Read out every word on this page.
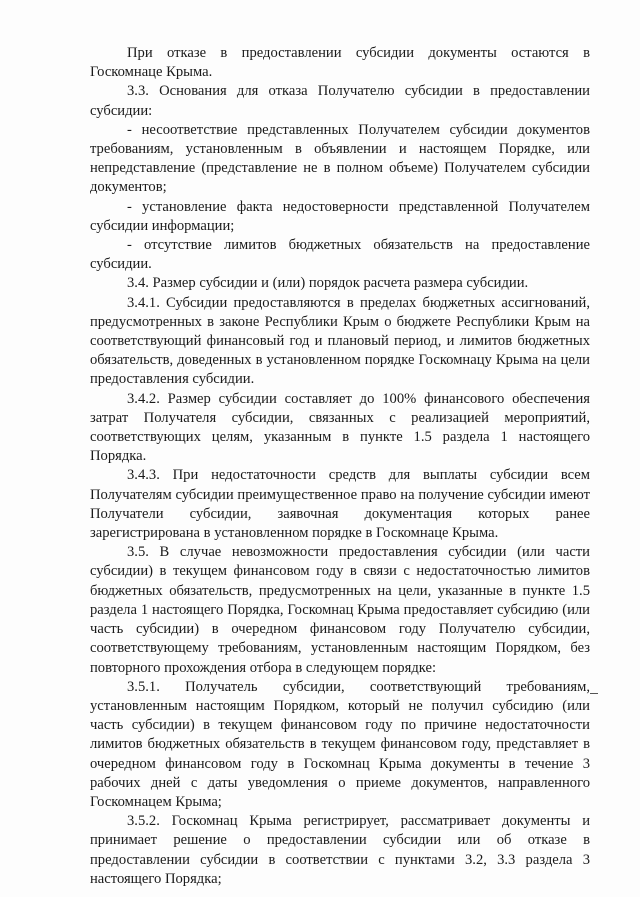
При отказе в предоставлении субсидии документы остаются в Госкомнаце Крыма.

3.3. Основания для отказа Получателю субсидии в предоставлении субсидии:

- несоответствие представленных Получателем субсидии документов требованиям, установленным в объявлении и настоящем Порядке, или непредставление (представление не в полном объеме) Получателем субсидии документов;

- установление факта недостоверности представленной Получателем субсидии информации;

- отсутствие лимитов бюджетных обязательств на предоставление субсидии.

3.4. Размер субсидии и (или) порядок расчета размера субсидии.

3.4.1. Субсидии предоставляются в пределах бюджетных ассигнований, предусмотренных в законе Республики Крым о бюджете Республики Крым на соответствующий финансовый год и плановый период, и лимитов бюджетных обязательств, доведенных в установленном порядке Госкомнацу Крыма на цели предоставления субсидии.

3.4.2. Размер субсидии составляет до 100% финансового обеспечения затрат Получателя субсидии, связанных с реализацией мероприятий, соответствующих целям, указанным в пункте 1.5 раздела 1 настоящего Порядка.

3.4.3. При недостаточности средств для выплаты субсидии всем Получателям субсидии преимущественное право на получение субсидии имеют Получатели субсидии, заявочная документация которых ранее зарегистрирована в установленном порядке в Госкомнаце Крыма.

3.5. В случае невозможности предоставления субсидии (или части субсидии) в текущем финансовом году в связи с недостаточностью лимитов бюджетных обязательств, предусмотренных на цели, указанные в пункте 1.5 раздела 1 настоящего Порядка, Госкомнац Крыма предоставляет субсидию (или часть субсидии) в очередном финансовом году Получателю субсидии, соответствующему требованиям, установленным настоящим Порядком, без повторного прохождения отбора в следующем порядке:

3.5.1. Получатель субсидии, соответствующий требованиям, установленным настоящим Порядком, который не получил субсидию (или часть субсидии) в текущем финансовом году по причине недостаточности лимитов бюджетных обязательств в текущем финансовом году, представляет в очередном финансовом году в Госкомнац Крыма документы в течение 3 рабочих дней с даты уведомления о приеме документов, направленного Госкомнацем Крыма;

3.5.2. Госкомнац Крыма регистрирует, рассматривает документы и принимает решение о предоставлении субсидии или об отказе в предоставлении субсидии в соответствии с пунктами 3.2, 3.3 раздела 3 настоящего Порядка;
